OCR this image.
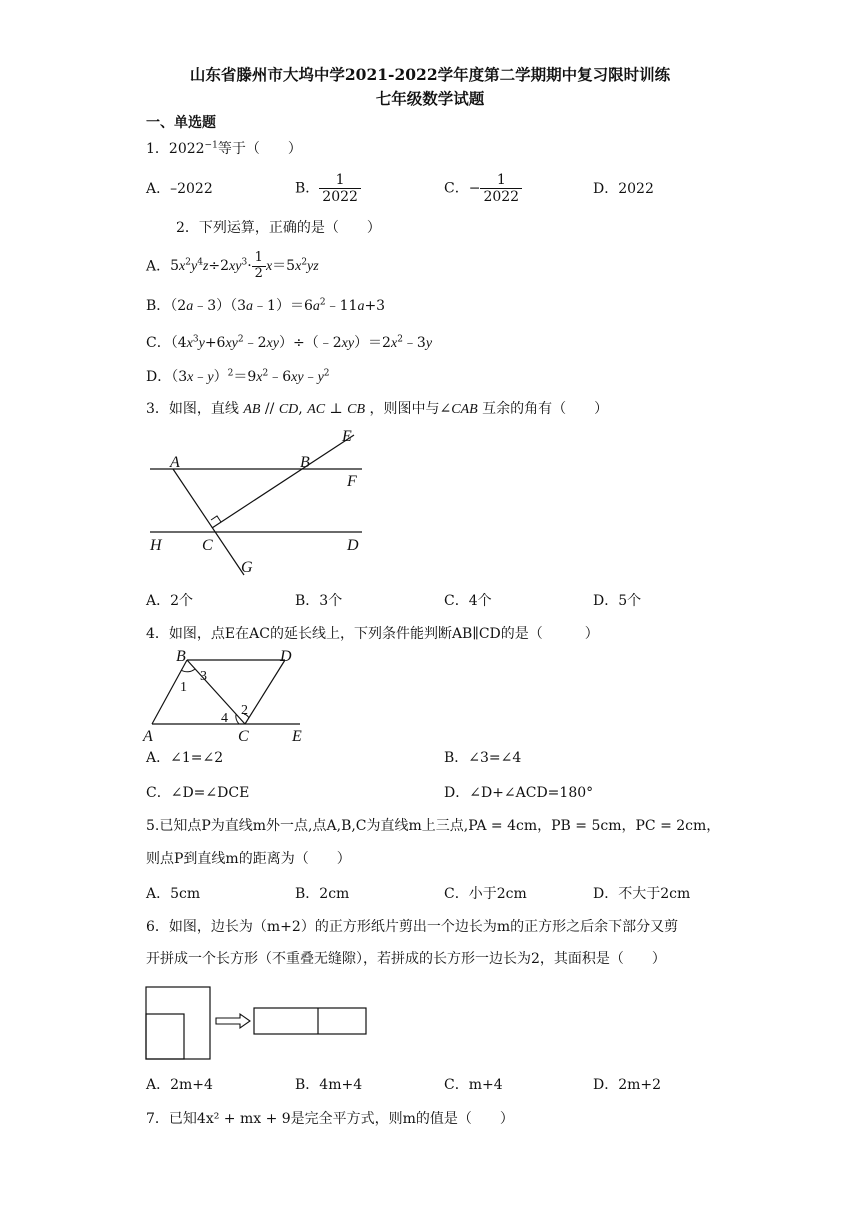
山东省滕州市大坞中学2021-2022学年度第二学期期中复习限时训练
七年级数学试题
一、单选题
1．$2022^{-1}$等于（　　）
A．–2022	B． $\frac{1}{2022}$	C．− $\frac{1}{2022}$	D．2022
2．下列运算，正确的是（　　）
A．$5x^2y^4z\div 2xy^3\cdot \frac{1}{2} x=5x^2yz$
B．$(2a﹣3)(3a﹣1)=6a^2﹣11a+3$
C．$(4x^3y+6xy^2﹣2xy)\div(﹣2xy)=2x^2﹣3y$
D．$(3x﹣y)^2=9x^2﹣6xy﹣y^2$
3．如图，直线 AB // CD, AC ⊥ CB ，则图中与∠CAB 互余的角有（　　）
A	B
E
F
H	C	D
G
A．2个	B．3个	C．4个	D．5个
4．如图，点E在AC的延长线上，下列条件能判断AB∥CD的是（　　　）
B	D
A	C	E
1
3
4
2
A．∠1=∠2	B．∠3=∠4
C．∠D=∠DCE	D．∠D+∠ACD=180°
5.已知点P为直线m外一点,点A,B,C为直线m上三点,PA = 4cm，PB = 5cm，PC = 2cm，
则点P到直线m的距离为（　　）
A．5cm	B．2cm	C．小于2cm	D．不大于2cm
6．如图，边长为（m+2）的正方形纸片剪出一个边长为m的正方形之后余下部分又剪
开拼成一个长方形（不重叠无缝隙），若拼成的长方形一边长为2，其面积是（　　）
A．2m+4	B．4m+4	C．m+4	D．2m+2
7．已知4x² + mx + 9是完全平方式，则m的值是（　　）
